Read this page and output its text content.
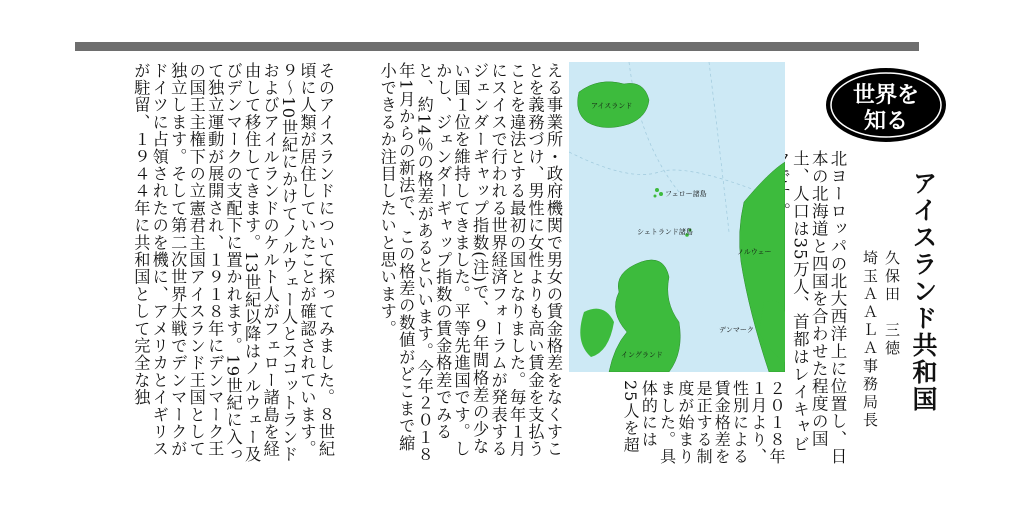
世界を
知る
アイスランド共和国
久保田　三徳
埼玉ＡＡＬＡ事務局長
北ヨーロッパの北大西洋上に位置し、日本の北海道と四国を合わせた程度の国土、人口は35万人、首都はレイキャビ
アイスランド
フェロー諸島
シェトランド諸島
ノルウェー
デンマーク
イングランド
２０１８年１月より、性別による賃金格差を是正する制度が始まりました。具体的には25人を超
える事業所・政府機関で男女の賃金格差をなくすことを義務づけ、男性に女性よりも高い賃金を支払うことを違法とする最初の国となりました。毎年１月にスイスで行われる世界経済フォーラムが発表するジェンダーギャップ指数(注)で、９年間格差の少ない国１位を維持してきました。平等先進国です。しかし、ジェンダーギャップ指数の賃金格差でみると、約14％の格差があるといいます。今年２０１８年1月からの新法で、この格差の数値がどこまで縮小できるか注目したいと思います。
そのアイスランドについて探ってみました。８世紀頃に人類が居住していたことが確認されています。９〜10世紀にかけてノルウェー人とスコットランドおよびアイルランドのケルト人がフェロー諸島を経由して移住してきます。13世紀以降はノルウェー及びデンマークの支配下に置かれます。19世紀に入って独立運動が展開され、１９１８年にデンマーク王の国王主権下の立憲君主国アイスランド王国として独立します。そして第二次世界大戦でデンマークがドイツに占領されたのを機に、アメリカとイギリスが駐留、１９４４年に共和国として完全な独
